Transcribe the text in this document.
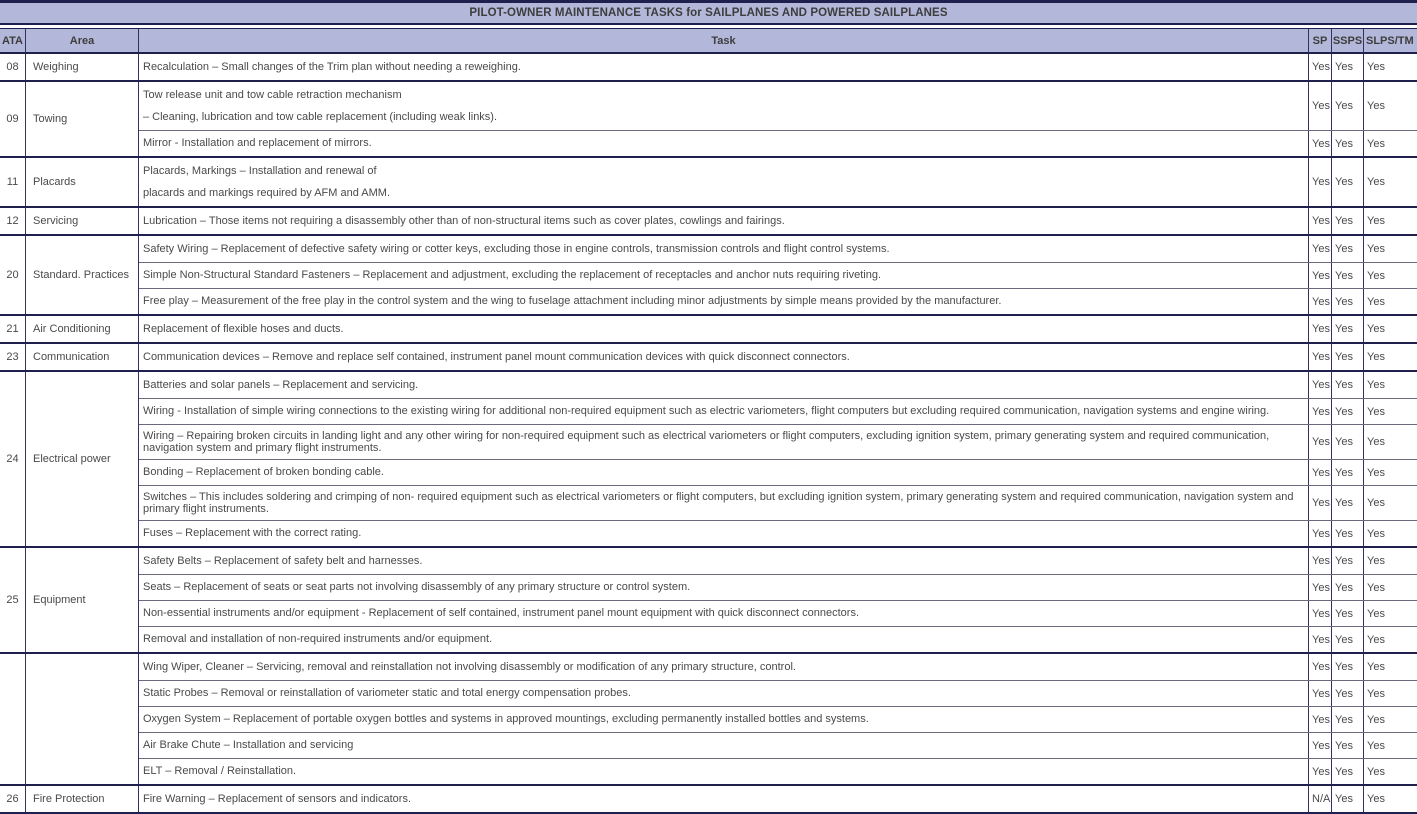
PILOT-OWNER MAINTENANCE TASKS for SAILPLANES AND POWERED SAILPLANES
ATA	Area	Task	SP SSPS SLPS/TM
08	Weighing	Recalculation – Small changes of the Trim plan without needing a reweighing.	Yes Yes	Yes
09	Towing
Tow release unit and tow cable retraction mechanism
– Cleaning, lubrication and tow cable replacement (including weak links).
Yes Yes	Yes
Mirror - Installation and replacement of mirrors.	Yes Yes	Yes
11	Placards
Placards, Markings – Installation and renewal of
placards and markings required by AFM and AMM.
Yes Yes	Yes
12	Servicing	Lubrication – Those items not requiring a disassembly other than of non-structural items such as cover plates, cowlings and fairings.	Yes Yes	Yes
20	Standard. Practices
Safety Wiring – Replacement of defective safety wiring or cotter keys, excluding those in engine controls, transmission controls and flight control systems.	Yes Yes	Yes
Simple Non-Structural Standard Fasteners – Replacement and adjustment, excluding the replacement of receptacles and anchor nuts requiring riveting.	Yes Yes	Yes
Free play – Measurement of the free play in the control system and the wing to fuselage attachment including minor adjustments by simple means provided by the manufacturer.	Yes Yes	Yes
21	Air Conditioning	Replacement of flexible hoses and ducts.	Yes Yes	Yes
23	Communication	Communication devices – Remove and replace self contained, instrument panel mount communication devices with quick disconnect connectors.	Yes Yes	Yes
24	Electrical power
Batteries and solar panels – Replacement and servicing.	Yes Yes	Yes
Wiring - Installation of simple wiring connections to the existing wiring for additional non-required equipment such as electric variometers, flight computers but excluding required communication, navigation systems and engine wiring.	Yes Yes	Yes
Wiring – Repairing broken circuits in landing light and any other wiring for non-required equipment such as electrical variometers or flight computers, excluding ignition system, primary generating system and required communication,
navigation system and primary flight instruments.	Yes Yes	Yes
Bonding – Replacement of broken bonding cable.	Yes Yes	Yes
Switches – This includes soldering and crimping of non- required equipment such as electrical variometers or flight computers, but excluding ignition system, primary generating system and required communication, navigation system and
primary flight instruments.	Yes Yes	Yes
Fuses – Replacement with the correct rating.	Yes Yes	Yes
25	Equipment
Safety Belts – Replacement of safety belt and harnesses.	Yes Yes	Yes
Seats – Replacement of seats or seat parts not involving disassembly of any primary structure or control system.	Yes Yes	Yes
Non-essential instruments and/or equipment - Replacement of self contained, instrument panel mount equipment with quick disconnect connectors.	Yes Yes	Yes
Removal and installation of non-required instruments and/or equipment.	Yes Yes	Yes
Wing Wiper, Cleaner – Servicing, removal and reinstallation not involving disassembly or modification of any primary structure, control.	Yes Yes	Yes
Static Probes – Removal or reinstallation of variometer static and total energy compensation probes.	Yes Yes	Yes
Oxygen System – Replacement of portable oxygen bottles and systems in approved mountings, excluding permanently installed bottles and systems.	Yes Yes	Yes
Air Brake Chute – Installation and servicing	Yes Yes	Yes
ELT – Removal / Reinstallation.	Yes Yes	Yes
26	Fire Protection	Fire Warning – Replacement of sensors and indicators.	N/A Yes	Yes
